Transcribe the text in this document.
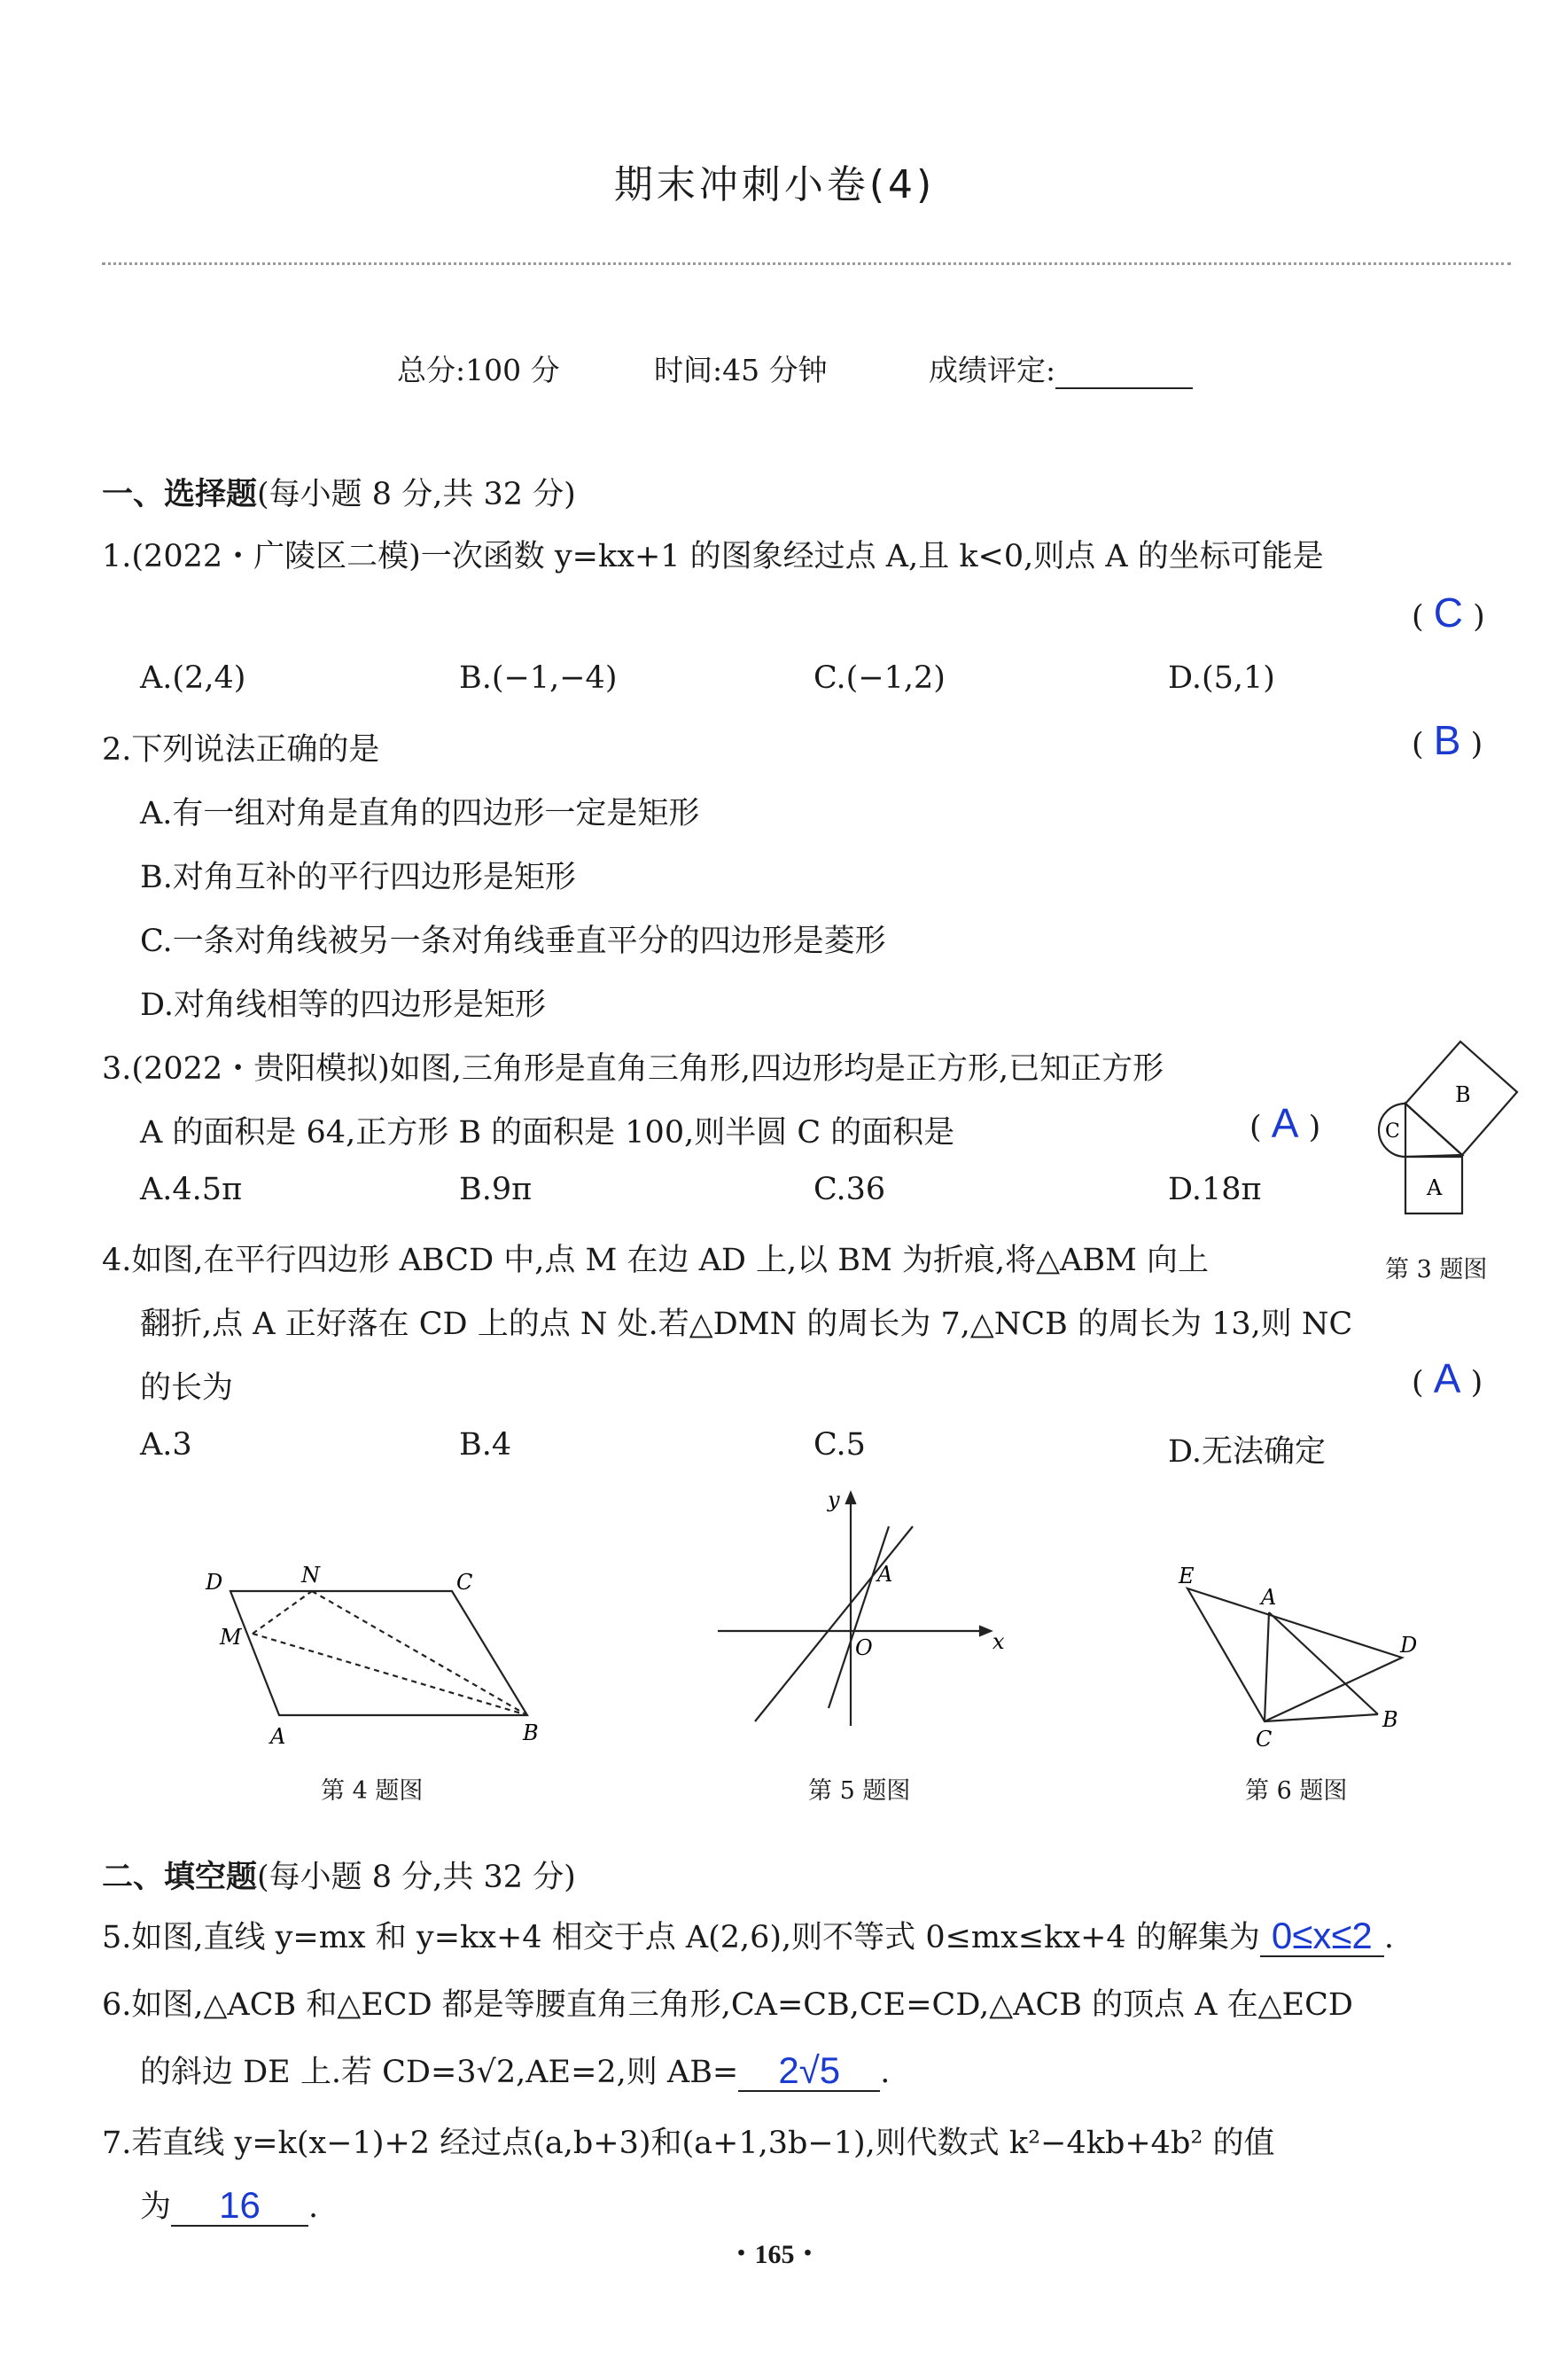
期末冲刺小卷(4)
总分:100 分	时间:45 分钟	成绩评定:
一、选择题(每小题 8 分,共 32 分)
1.(2022・广陵区二模)一次函数 y=kx+1 的图象经过点 A,且 k<0,则点 A 的坐标可能是
( C )
A.(2,4)	B.(−1,−4)	C.(−1,2)	D.(5,1)
2.下列说法正确的是	( B )
A.有一组对角是直角的四边形一定是矩形
B.对角互补的平行四边形是矩形
C.一条对角线被另一条对角线垂直平分的四边形是菱形
D.对角线相等的四边形是矩形
3.(2022・贵阳模拟)如图,三角形是直角三角形,四边形均是正方形,已知正方形
A 的面积是 64,正方形 B 的面积是 100,则半圆 C 的面积是	( A )
A.4.5π	B.9π	C.36	D.18π
B
A
C
第 3 题图
4.如图,在平行四边形 ABCD 中,点 M 在边 AD 上,以 BM 为折痕,将△ABM 向上
翻折,点 A 正好落在 CD 上的点 N 处.若△DMN 的周长为 7,△NCB 的周长为 13,则 NC
的长为	( A )
A.3	B.4	C.5	D.无法确定
D	N	C
M
A	B
第 4 题图
y
x
O
A
第 5 题图
E
A
D
C
B
第 6 题图
二、填空题(每小题 8 分,共 32 分)
5.如图,直线 y=mx 和 y=kx+4 相交于点 A(2,6),则不等式 0≤mx≤kx+4 的解集为 0≤x≤2 .
6.如图,△ACB 和△ECD 都是等腰直角三角形,CA=CB,CE=CD,△ACB 的顶点 A 在△ECD
的斜边 DE 上.若 CD=3√2,AE=2,则 AB= 2√5 .
7.若直线 y=k(x−1)+2 经过点(a,b+3)和(a+1,3b−1),则代数式 k²−4kb+4b² 的值
为 16 .
・165・
